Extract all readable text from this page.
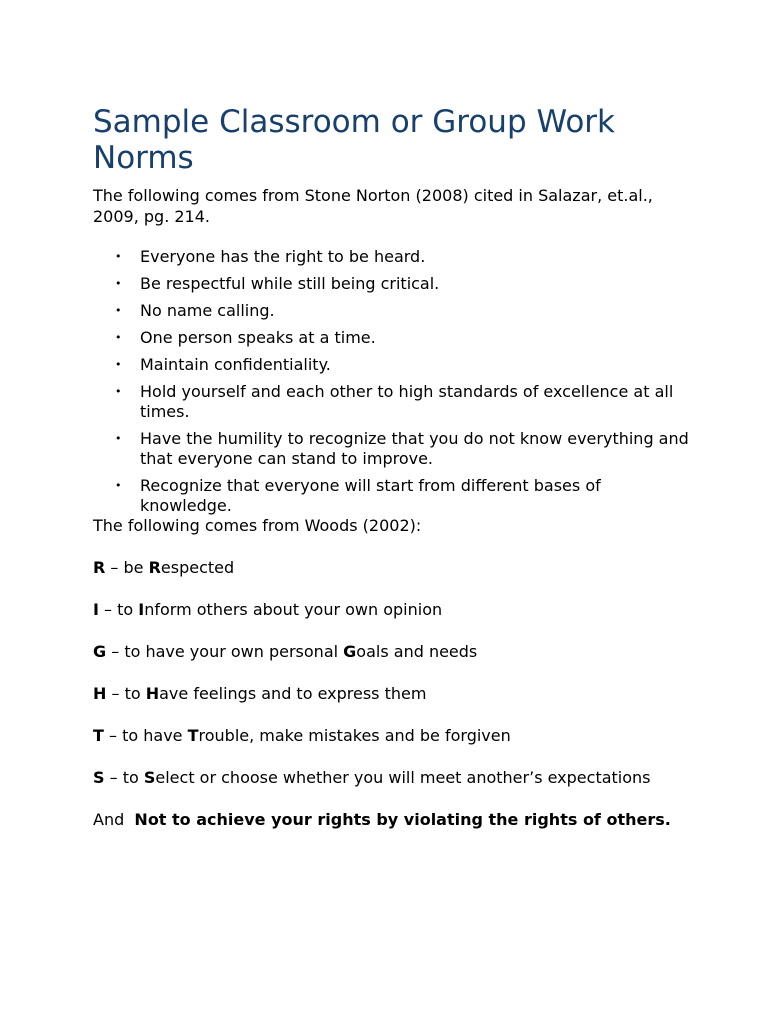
Sample Classroom or Group Work Norms

The following comes from Stone Norton (2008) cited in Salazar, et.al., 2009, pg. 214.

• Everyone has the right to be heard.
• Be respectful while still being critical.
• No name calling.
• One person speaks at a time.
• Maintain confidentiality.
• Hold yourself and each other to high standards of excellence at all times.
• Have the humility to recognize that you do not know everything and that everyone can stand to improve.
• Recognize that everyone will start from different bases of knowledge.

The following comes from Woods (2002):

R – be Respected

I – to Inform others about your own opinion

G – to have your own personal Goals and needs

H – to Have feelings and to express them

T – to have Trouble, make mistakes and be forgiven

S – to Select or choose whether you will meet another’s expectations

And  Not to achieve your rights by violating the rights of others.
